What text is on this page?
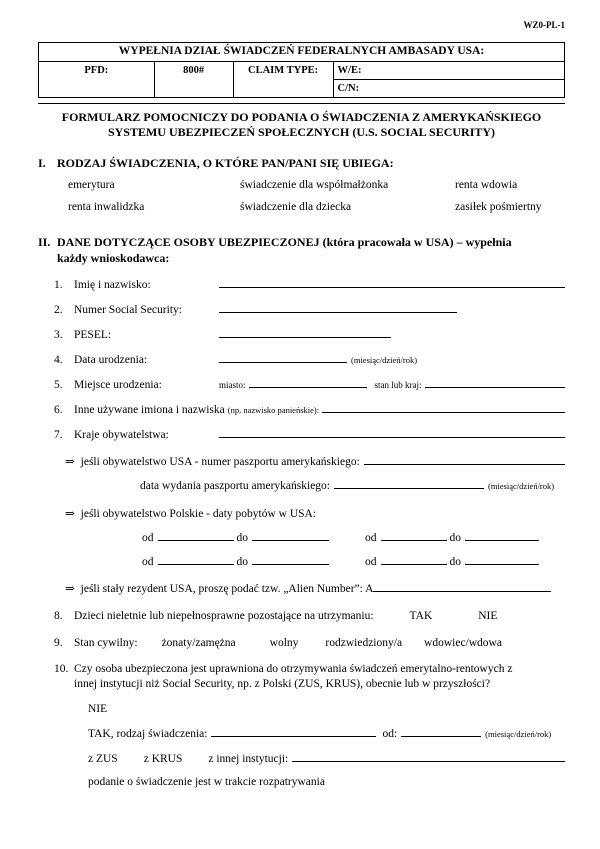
WZ0-PL-1
WYPEŁNIA DZIAŁ ŚWIADCZEŃ FEDERALNYCH AMBASADY USA:
PFD:	800#	CLAIM TYPE:	W/E:
C/N:
FORMULARZ POMOCNICZY DO PODANIA O ŚWIADCZENIA Z AMERYKAŃSKIEGO
SYSTEMU UBEZPIECZEŃ SPOŁECZNYCH (U.S. SOCIAL SECURITY)
I. RODZAJ ŚWIADCZENIA, O KTÓRE PAN/PANI SIĘ UBIEGA:
emerytura	świadczenie dla współmałżonka	renta wdowia
renta inwalidzka	świadczenie dla dziecka	zasiłek pośmiertny
II. DANE DOTYCZĄCE OSOBY UBEZPIECZONEJ (która pracowała w USA) – wypełnia
każdy wnioskodawca:
1. Imię i nazwisko:
2. Numer Social Security:
3. PESEL:
4. Data urodzenia:	(miesiąc/dzień/rok)
5. Miejsce urodzenia:	miasto:	stan lub kraj:
6. Inne używane imiona i nazwiska (np. nazwisko panieńskie):
7. Kraje obywatelstwa:
⇒ jeśli obywatelstwo USA - numer paszportu amerykańskiego:
data wydania paszportu amerykańskiego:	(miesiąc/dzień/rok)
⇒ jeśli obywatelstwo Polskie - daty pobytów w USA:
od	do	od	do
od	do	od	do
⇒ jeśli stały rezydent USA, proszę podać tzw. „Alien Number”: A
8. Dzieci nieletnie lub niepełnosprawne pozostające na utrzymaniu:	TAK	NIE
9. Stan cywilny: żonaty/zamężna	wolny rodzwiedziony/a wdowiec/wdowa
10. Czy osoba ubezpieczona jest uprawniona do otrzymywania świadczeń emerytalno-rentowych z
innej instytucji niż Social Security, np. z Polski (ZUS, KRUS), obecnie lub w przyszłości?
NIE
TAK, rodzaj świadczenia:	od:	(miesiąc/dzień/rok)
z ZUS z KRUS z innej instytucji:
podanie o świadczenie jest w trakcie rozpatrywania
